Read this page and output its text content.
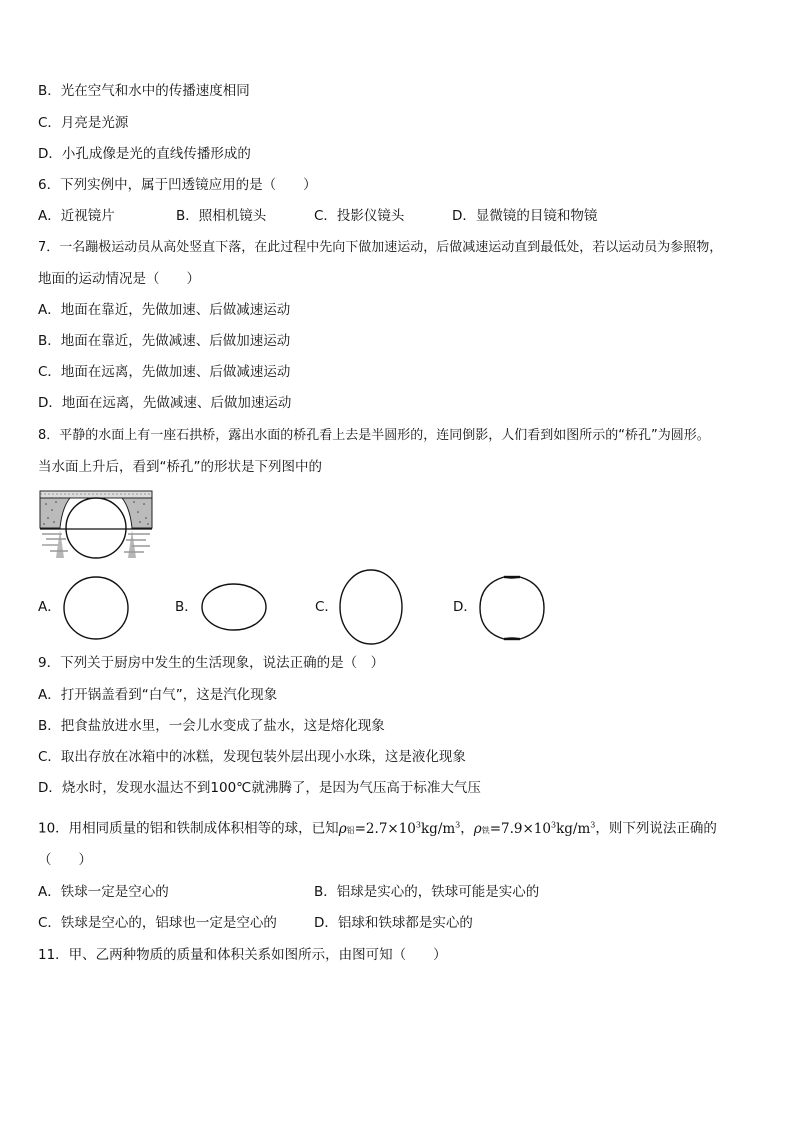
B．光在空气和水中的传播速度相同
C．月亮是光源
D．小孔成像是光的直线传播形成的
6．下列实例中，属于凹透镜应用的是（　　）
A．近视镜片	B．照相机镜头	C．投影仪镜头	D．显微镜的目镜和物镜
7．一名蹦极运动员从高处竖直下落，在此过程中先向下做加速运动，后做减速运动直到最低处，若以运动员为参照物，
地面的运动情况是（　　）
A．地面在靠近，先做加速、后做减速运动
B．地面在靠近，先做减速、后做加速运动
C．地面在远离，先做加速、后做减速运动
D．地面在远离，先做减速、后做加速运动
8．平静的水面上有一座石拱桥，露出水面的桥孔看上去是半圆形的，连同倒影，人们看到如图所示的“桥孔”为圆形。
当水面上升后，看到“桥孔”的形状是下列图中的
A．	B．	C．	D．
9．下列关于厨房中发生的生活现象，说法正确的是（　）
A．打开锅盖看到“白气”，这是汽化现象
B．把食盐放进水里，一会儿水变成了盐水，这是熔化现象
C．取出存放在冰箱中的冰糕，发现包装外层出现小水珠，这是液化现象
D．烧水时，发现水温达不到100℃就沸腾了，是因为气压高于标准大气压
10．用相同质量的铝和铁制成体积相等的球，已知ρ铝$=2.7\times 10^3kg/m^3$，ρ铁$=7.9\times 10^3kg/m^3$，则下列说法正确的
（　　）
A．铁球一定是空心的	B．铝球是实心的，铁球可能是实心的
C．铁球是空心的，铝球也一定是空心的	D．铝球和铁球都是实心的
11．甲、乙两种物质的质量和体积关系如图所示，由图可知（　　）
